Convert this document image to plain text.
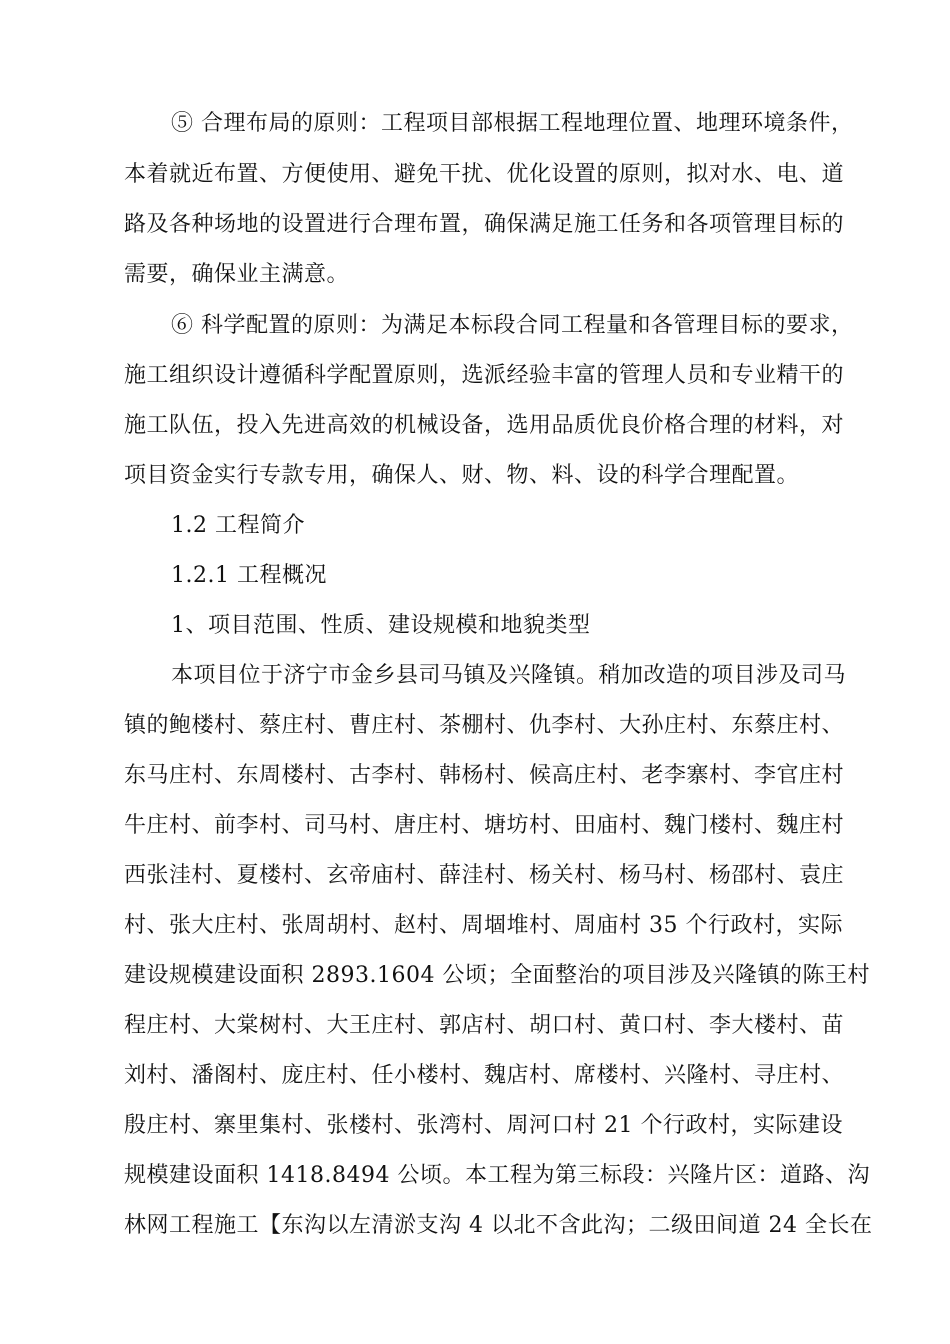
⑤ 合理布局的原则：工程项目部根据工程地理位置、地理环境条件，
本着就近布置、方便使用、避免干扰、优化设置的原则，拟对水、电、道
路及各种场地的设置进行合理布置，确保满足施工任务和各项管理目标的
需要，确保业主满意。
⑥ 科学配置的原则：为满足本标段合同工程量和各管理目标的要求，
施工组织设计遵循科学配置原则，选派经验丰富的管理人员和专业精干的
施工队伍，投入先进高效的机械设备，选用品质优良价格合理的材料，对
项目资金实行专款专用，确保人、财、物、料、设的科学合理配置。
1.2 工程简介
1.2.1 工程概况
1、项目范围、性质、建设规模和地貌类型
本项目位于济宁市金乡县司马镇及兴隆镇。稍加改造的项目涉及司马
镇的鲍楼村、蔡庄村、曹庄村、茶棚村、仇李村、大孙庄村、东蔡庄村、
东马庄村、东周楼村、古李村、韩杨村、候高庄村、老李寨村、李官庄村
牛庄村、前李村、司马村、唐庄村、塘坊村、田庙村、魏门楼村、魏庄村
西张洼村、夏楼村、玄帝庙村、薛洼村、杨关村、杨马村、杨邵村、袁庄
村、张大庄村、张周胡村、赵村、周堌堆村、周庙村 35 个行政村，实际
建设规模建设面积 2893.1604 公顷；全面整治的项目涉及兴隆镇的陈王村
程庄村、大棠树村、大王庄村、郭店村、胡口村、黄口村、李大楼村、苗
刘村、潘阁村、庞庄村、任小楼村、魏店村、席楼村、兴隆村、寻庄村、
殷庄村、寨里集村、张楼村、张湾村、周河口村 21 个行政村，实际建设
规模建设面积 1418.8494 公顷。本工程为第三标段：兴隆片区：道路、沟
林网工程施工【东沟以左清淤支沟 4 以北不含此沟；二级田间道 24 全长在
